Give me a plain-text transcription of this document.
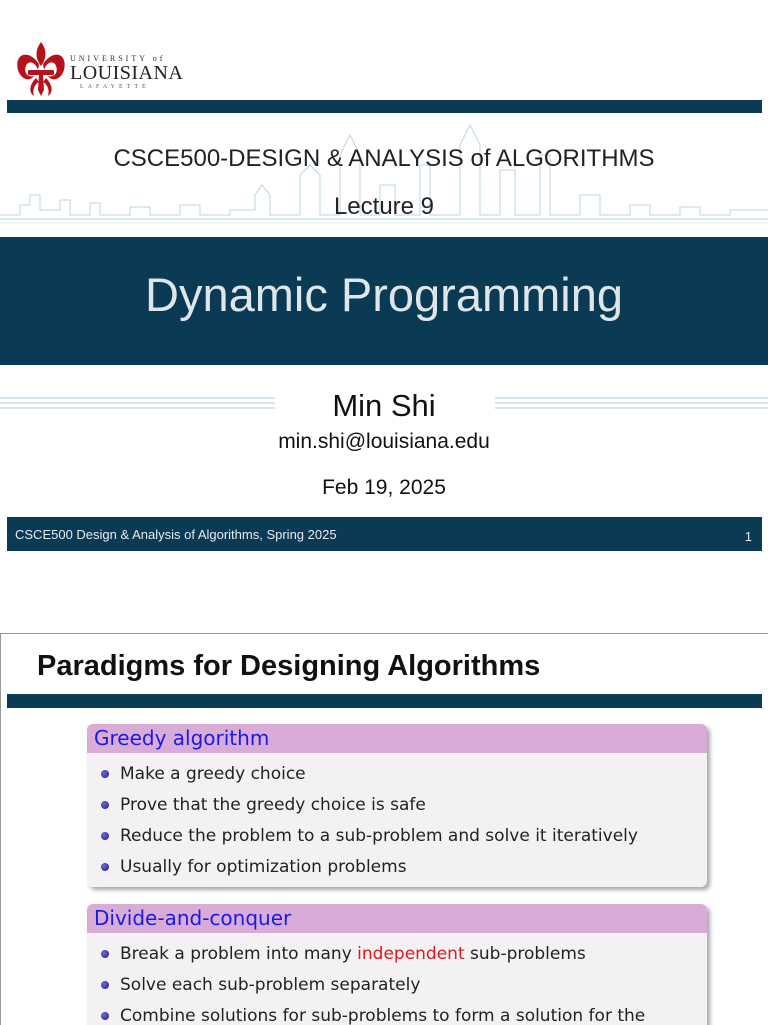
UNIVERSITY of
LOUISIANA
LAFAYETTE
CSCE500-DESIGN & ANALYSIS of ALGORITHMS
Lecture 9
Dynamic Programming
Min Shi
min.shi@louisiana.edu
Feb 19, 2025
CSCE500 Design & Analysis of Algorithms, Spring 2025	1
Paradigms for Designing Algorithms
Greedy algorithm
Make a greedy choice
Prove that the greedy choice is safe
Reduce the problem to a sub-problem and solve it iteratively
Usually for optimization problems
Divide-and-conquer
Break a problem into many independent sub-problems
Solve each sub-problem separately
Combine solutions for sub-problems to form a solution for the
